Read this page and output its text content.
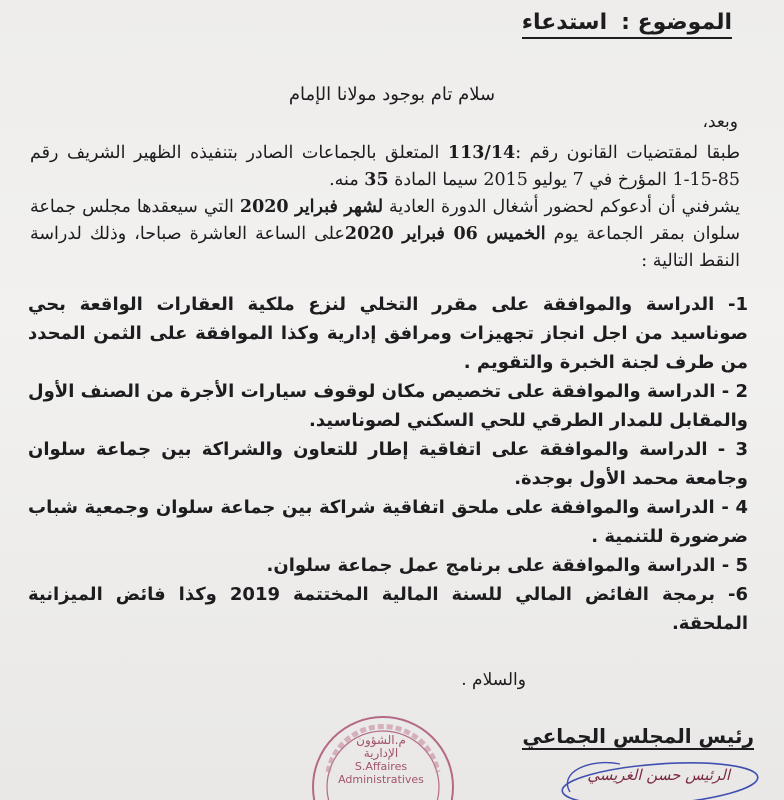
الموضوع :استدعاء
سلام تام بوجود مولانا الإمام
وبعد،

طبقا لمقتضيات القانون رقم :113/14 المتعلق بالجماعات الصادر بتنفيذه الظهير الشريف رقم 85-15-1 المؤرخ في 7 يوليو 2015 سيما المادة 35 منه.

يشرفني أن أدعوكم لحضور أشغال الدورة العادية لشهر فبراير 2020 التي سيعقدها مجلس جماعة سلوان بمقر الجماعة يوم الخميس 06 فبراير 2020على الساعة العاشرة صباحا، وذلك لدراسة النقط التالية :

1- الدراسة والموافقة على مقرر التخلي لنزع ملكية العقارات الواقعة بحي صوناسيد من اجل انجاز تجهيزات ومرافق إدارية وكذا الموافقة على الثمن المحدد من طرف لجنة الخبرة والتقويم .
2 - الدراسة والموافقة على تخصيص مكان لوقوف سيارات الأجرة من الصنف الأول والمقابل للمدار الطرقي للحي السكني لصوناسيد.
3 - الدراسة والموافقة على اتفاقية إطار للتعاون والشراكة بين جماعة سلوان وجامعة محمد الأول بوجدة.
4 - الدراسة والموافقة على ملحق اتفاقية شراكة بين جماعة سلوان وجمعية شباب ضرضورة للتنمية .
5 - الدراسة والموافقة على برنامج عمل جماعة سلوان.
6- برمجة الفائض المالي للسنة المالية المختتمة 2019 وكذا فائض الميزانية الملحقة.
والسلام .
رئيس المجلس الجماعي
الرئيس حسن الغريسي
م.الشؤون الإدارية
S.Affaires
Administratives
